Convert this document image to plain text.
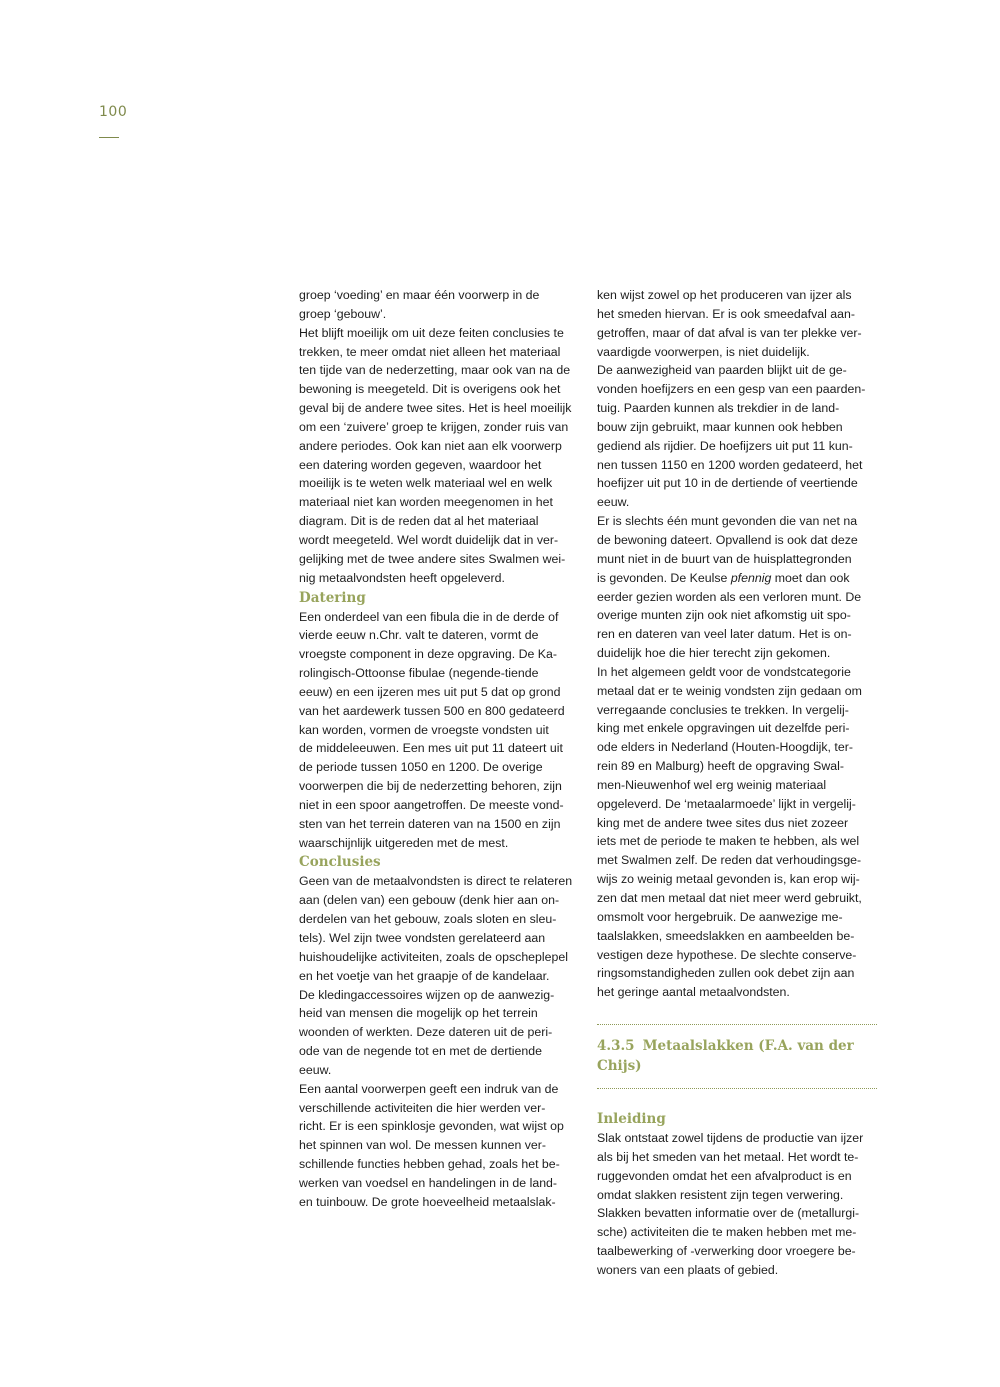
100

groep ‘voeding’ en maar één voorwerp in de
groep ‘gebouw’.
Het blijft moeilijk om uit deze feiten conclusies te
trekken, te meer omdat niet alleen het materiaal
ten tijde van de nederzetting, maar ook van na de
bewoning is meegeteld. Dit is overigens ook het
geval bij de andere twee sites. Het is heel moeilijk
om een ‘zuivere’ groep te krijgen, zonder ruis van
andere periodes. Ook kan niet aan elk voorwerp
een datering worden gegeven, waardoor het
moeilijk is te weten welk materiaal wel en welk
materiaal niet kan worden meegenomen in het
diagram. Dit is de reden dat al het materiaal
wordt meegeteld. Wel wordt duidelijk dat in ver-
gelijking met de twee andere sites Swalmen wei-
nig metaalvondsten heeft opgeleverd.

Datering

Een onderdeel van een fibula die in de derde of
vierde eeuw n.Chr. valt te dateren, vormt de
vroegste component in deze opgraving. De Ka-
rolingisch-Ottoonse fibulae (negende-tiende
eeuw) en een ijzeren mes uit put 5 dat op grond
van het aardewerk tussen 500 en 800 gedateerd
kan worden, vormen de vroegste vondsten uit
de middeleeuwen. Een mes uit put 11 dateert uit
de periode tussen 1050 en 1200. De overige
voorwerpen die bij de nederzetting behoren, zijn
niet in een spoor aangetroffen. De meeste vond-
sten van het terrein dateren van na 1500 en zijn
waarschijnlijk uitgereden met de mest.

Conclusies

Geen van de metaalvondsten is direct te relateren
aan (delen van) een gebouw (denk hier aan on-
derdelen van het gebouw, zoals sloten en sleu-
tels). Wel zijn twee vondsten gerelateerd aan
huishoudelijke activiteiten, zoals de opscheplepel
en het voetje van het graapje of de kandelaar.
De kledingaccessoires wijzen op de aanwezig-
heid van mensen die mogelijk op het terrein
woonden of werkten. Deze dateren uit de peri-
ode van de negende tot en met de dertiende
eeuw.
Een aantal voorwerpen geeft een indruk van de
verschillende activiteiten die hier werden ver-
richt. Er is een spinklosje gevonden, wat wijst op
het spinnen van wol. De messen kunnen ver-
schillende functies hebben gehad, zoals het be-
werken van voedsel en handelingen in de land-
en tuinbouw. De grote hoeveelheid metaalslak-

ken wijst zowel op het produceren van ijzer als
het smeden hiervan. Er is ook smeedafval aan-
getroffen, maar of dat afval is van ter plekke ver-
vaardigde voorwerpen, is niet duidelijk.
De aanwezigheid van paarden blijkt uit de ge-
vonden hoefijzers en een gesp van een paarden-
tuig. Paarden kunnen als trekdier in de land-
bouw zijn gebruikt, maar kunnen ook hebben
gediend als rijdier. De hoefijzers uit put 11 kun-
nen tussen 1150 en 1200 worden gedateerd, het
hoefijzer uit put 10 in de dertiende of veertiende
eeuw.
Er is slechts één munt gevonden die van net na
de bewoning dateert. Opvallend is ook dat deze
munt niet in de buurt van de huisplattegronden
is gevonden. De Keulse pfennig moet dan ook
eerder gezien worden als een verloren munt. De
overige munten zijn ook niet afkomstig uit spo-
ren en dateren van veel later datum. Het is on-
duidelijk hoe die hier terecht zijn gekomen.
In het algemeen geldt voor de vondstcategorie
metaal dat er te weinig vondsten zijn gedaan om
verregaande conclusies te trekken. In vergelij-
king met enkele opgravingen uit dezelfde peri-
ode elders in Nederland (Houten-Hoogdijk, ter-
rein 89 en Malburg) heeft de opgraving Swal-
men-Nieuwenhof wel erg weinig materiaal
opgeleverd. De ‘metaalarmoede’ lijkt in vergelij-
king met de andere twee sites dus niet zozeer
iets met de periode te maken te hebben, als wel
met Swalmen zelf. De reden dat verhoudingsge-
wijs zo weinig metaal gevonden is, kan erop wij-
zen dat men metaal dat niet meer werd gebruikt,
omsmolt voor hergebruik. De aanwezige me-
taalslakken, smeedslakken en aambeelden be-
vestigen deze hypothese. De slechte conserve-
ringsomstandigheden zullen ook debet zijn aan
het geringe aantal metaalvondsten.

4.3.5 Metaalslakken (F.A. van der Chijs)
Inleiding

Slak ontstaat zowel tijdens de productie van ijzer
als bij het smeden van het metaal. Het wordt te-
ruggevonden omdat het een afvalproduct is en
omdat slakken resistent zijn tegen verwering.
Slakken bevatten informatie over de (metallurgi-
sche) activiteiten die te maken hebben met me-
taalbewerking of -verwerking door vroegere be-
woners van een plaats of gebied.
